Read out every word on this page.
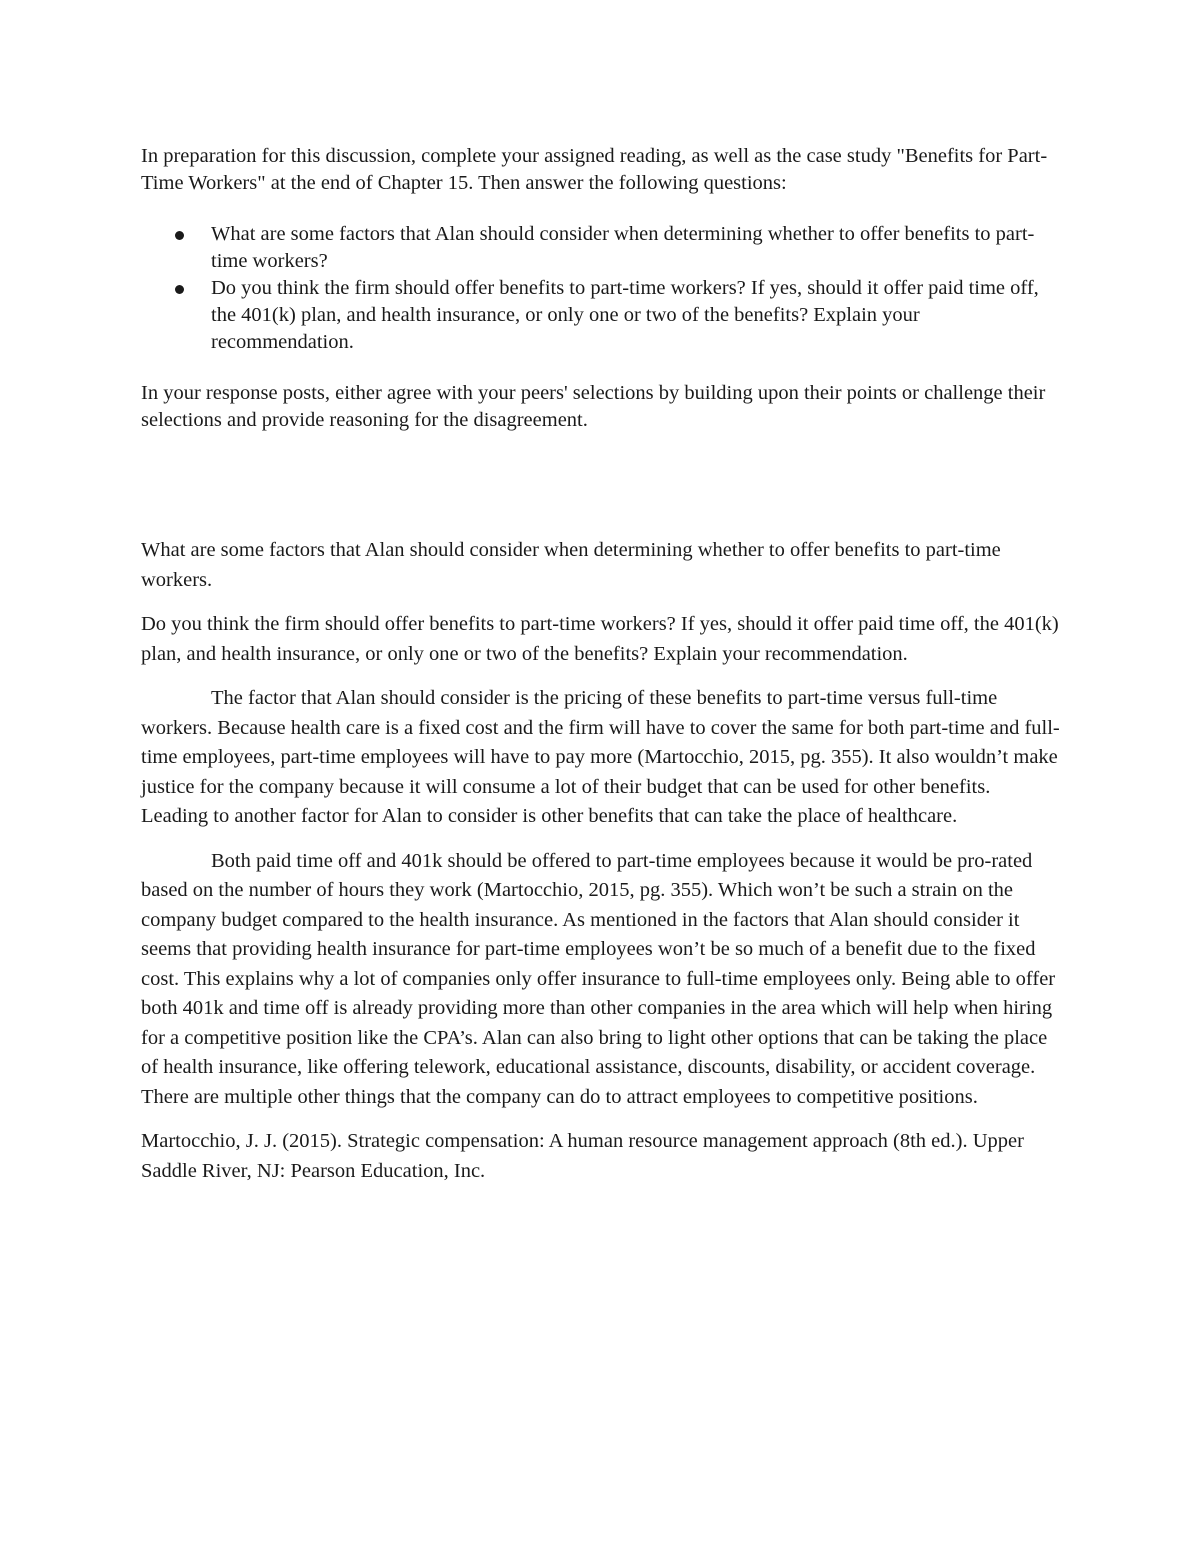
In preparation for this discussion, complete your assigned reading, as well as the case study "Benefits for Part-Time Workers" at the end of Chapter 15. Then answer the following questions:

What are some factors that Alan should consider when determining whether to offer benefits to part-time workers?
Do you think the firm should offer benefits to part-time workers? If yes, should it offer paid time off, the 401(k) plan, and health insurance, or only one or two of the benefits? Explain your recommendation.

In your response posts, either agree with your peers' selections by building upon their points or challenge their selections and provide reasoning for the disagreement.

What are some factors that Alan should consider when determining whether to offer benefits to part-time workers.

Do you think the firm should offer benefits to part-time workers? If yes, should it offer paid time off, the 401(k) plan, and health insurance, or only one or two of the benefits? Explain your recommendation.

The factor that Alan should consider is the pricing of these benefits to part-time versus full-time workers. Because health care is a fixed cost and the firm will have to cover the same for both part-time and full-time employees, part-time employees will have to pay more (Martocchio, 2015, pg. 355). It also wouldn’t make justice for the company because it will consume a lot of their budget that can be used for other benefits. Leading to another factor for Alan to consider is other benefits that can take the place of healthcare.

Both paid time off and 401k should be offered to part-time employees because it would be pro-rated based on the number of hours they work (Martocchio, 2015, pg. 355). Which won’t be such a strain on the company budget compared to the health insurance. As mentioned in the factors that Alan should consider it seems that providing health insurance for part-time employees won’t be so much of a benefit due to the fixed cost. This explains why a lot of companies only offer insurance to full-time employees only. Being able to offer both 401k and time off is already providing more than other companies in the area which will help when hiring for a competitive position like the CPA’s. Alan can also bring to light other options that can be taking the place of health insurance, like offering telework, educational assistance, discounts, disability, or accident coverage. There are multiple other things that the company can do to attract employees to competitive positions.

Martocchio, J. J. (2015). Strategic compensation: A human resource management approach (8th ed.). Upper Saddle River, NJ: Pearson Education, Inc.
